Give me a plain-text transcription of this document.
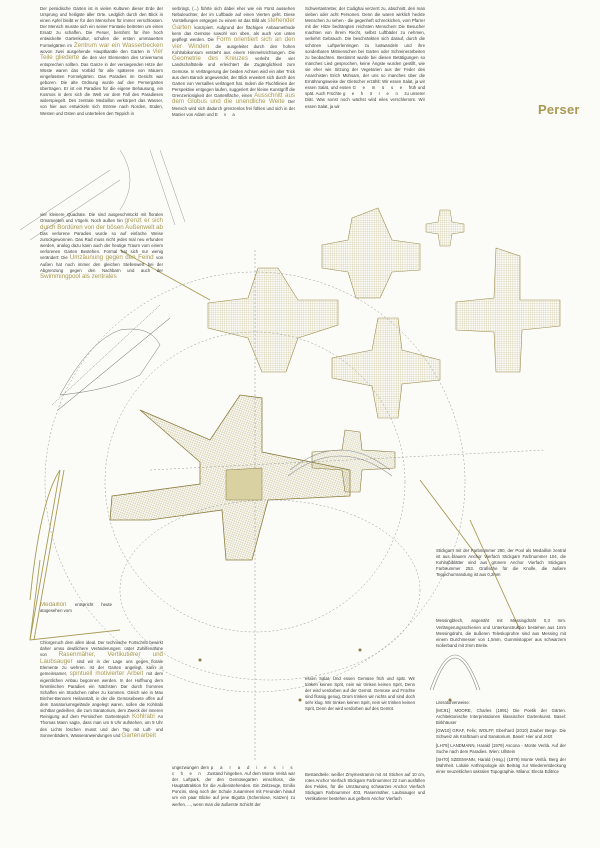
Perser
Der persidische Garten ist in vielen Kulturen dieser Erde der Ursprung und heiligste aller Orte. Ledglich durch den Blick in einen Apfel bleibt er für den Menschen für immer verschlossen. Der Mensch musste sich ein seiner Fantasie beitreten um einen Ersatz zu schaffen. Die Perser, berühmt für ihre hoch entwickelte Gartenkultur, schufen die ersten ummauerten Formelgärten im Zentrum war ein Wasserbecken wovon zwei ausgehende Hauptkanäle den Garten in vier Teile gliederte die den vier Elementen des Universums entsprechen sollten. Das Ganze in der versiegenden Hitze der Wüste waren das Vorbild für alle späteren von Mauern eingefassten Formelgärten. Das Paradies im Gesicht war geboren. Die alte Ordnung wurde auf den Persergarten übertragen. Er ist ein Paradies für die eigene Behausung, ein Kosmos in dem sich die Welt vor dem Fall des Paradieses widerspiegelt. Des zentrale Medaillon verkörpert das Wasser, von hier aus entwickeln sich Ströme nach Norden, Süden, Westen und Osten und unterteilen den Teppich in
verbringt, (...) führte sich dabei eher wie ein Fürst aussehen Nebuleuchter, der im Luftbade auf einen Vierten geht. Diese Vorstellungen entgegen zu einem ist das Bild als stehender Garten konzipiert. Aufgrund der flächigen Anbaumethode kenn das Gemüse sowohl von oben, als auch von unten gepflegt werden. Die Form orientiert sich an den vier Winden die ausgeleitet durch den hohen Kohlrabikonsum entsteht aus einem Himmelsrichtungen. Die Geometrie des Kreuzes verleiht die vier Landschaftsteile und erleichtert die Zugänglichkeit zum Gemüse. In Verlängerung der beiden Achsen wird ein alter Trick aus dem Barock angewendet, der Blick erweitert sich durch den Garten von Versailles verlängert hat. Indem die Fluchtlinien der Perspektive entgegen laufen, suggeriert der kleine Kunstgriff die Grenzenlosigkeit der Gartenfläche, einen Ausschnitt aus dem Globus und die unendliche Weite Der Mensch wird sich dadurch grenzenlos frei fühlen und sich in der Manier von Adam und E v a
Schwertantretter, der Codighai verzerrt zu, abschnitt, den man sieben oder acht Personen. Denn die waren wirklich heckte Menschen zu sehen - die gegenheft schreckichen, vom Pfarrer mit der Hitze bedrängten reichsten Menschen! Die Besucher machten von ihrem Recht, selbst Luftbäder zu nehmen, verkehrt Gebrauch. Die beschränkten sich darauf, durch die schönen Luftperlenringen zu lustwandeln und ihre sonderbaren Mitmenschen bei Garten oder Schreinerarbeiten zu beobachten. Bestimmt wurde bei diesen Betätigungen so manches Lied gesprochen, keine Ängste wurden gestillt, wie sie eher wie Sitzung der Vegetarien aus der Feder des Anarchisten Erich Mühsam, der uns so manches über die Ernährungsweise der Gletscher erzählt: Wir essen Salat, ja wir essen Salat, und essen G e m ü s e früh und spät. Auch Früchte g e h ö r e n zu unserer Diät. Was sonst noch wächst wird eiles verschlemmt. Wir essen Salat, ja wir
vier kleinere Quadrate. Die sind ausgeschmückt mit floralen Ornamenten und Vögeln. Noch außen hin grenzt er sich durch Bordüren von der bösen Außenwelt ab Das verlorene Paradies wurde so auf einfache Weise zurückgewonnen. Das Rad muss nicht jedes mal neu erfunden werden, analog dazu kann auch der heutige Traum vom einem verlorenen Garten Bestehen. Formal hat sich nur wenig verändert: Die Umzäunung gegen den Feind von Außen hat noch immer den gleichen Stellenwert bei der Abgrenzung gegen den Nachbarn und auch der Swimmingpool als zentrales
Medaillon entspricht heute atogesehen vom
Chlorgeruch dem allen ideal. Der technische Fortschritt bewirkt daher umso deutlichere Veränderungen: unter Zuhilfenahme von Rasenmäher, Vertikutierer und Laubsauger sind wir in der Lage uns gegen florale Elemente zu wehren. Ist der Garten angelegt, kann in gemeinsamer, spintuell motivierter Arbeit mit dem eigentlichen Anbau begonnen werden. In der Hoffnung dem himmlischen Paradies ein Nächsten Dar durch frommes Schaffen ein Stückchen näher zu kommen. Gleich wie in Max Bircher-Benners Heilanstalt, in der die Gemüsebeete offen auf dem Sanatoriumsgelände angelegt waren, sollen die Kohlrabi sichtbar gedeihen, die zum Sanatorium, dem Zweck der inneren Reinigung auf dem Persischen Gartentepich Kohlrabi An Thomas Mann sagte, dass man um 6 Uhr aufstehen, um 9 Uhr des Lichts löschen musst und den Tag mit Luft- und Sonnenbädern, Wasseranwendungen und Gartenarbeit
ungezwungen dem p a r a d i e s i s c h e n Zustand hingeben. Auf dem Monte Verità war der Luftpark, der den Gemüsegarten einschloss, die Hauptattraktion für die Außenstehenden. Ein Zeitzeuge, Emilio Poncini, steig noch der Schule zusammen mit Freunden hinauf um ein paar Blicke auf jene Bigotta (Schemlose, Katzen) zu werfen, ..., wenn man die äußerste Schicht der
essen Salat, Und essen Gemüse früh und spät. Wir trinken keinen Sprit, nein wir trinken keinen Sprit, Denn der wird verdorben auf der Gemüt. Gemüse und Früchte sind flüssig genug, Drum trinken wir nichts und sind doch sehr klug. Wir trinken keinen Sprit, nein wir trinken keinen Sprit, Denn der wird verdorben auf des Gemüt.
Bestandteile: weißer Zmymestramin mit 44 Stichen auf 10 cm, rotes Anchor Vierfach Stickgarn Farbnummer 22 zum ausfüllen des Feldes, für die Umzäunung schwarzes Anchor Vierfach Stickgarn Farbnummer 403, Rasenmäher, Laubsauger und Vertikutierer bestehen aus gelbem Anchor Vierfach

Stickgarn mit der Farbnummer 290, der Pool als Medaillon zentral ist aus blauem Anchor Vierfach Stickgarn Farbnummer 104, die Kohlrabiblätter sind aus grünem Anchor Vierfach Stickgarn Farbnummer 253. Grafische für die Knolle, die äußere Teppichumrandung ist aus 0,2mm

Messingblech, angenäht mit Messingdraht 0,3 mm. Verlängerungsschienen und Unterkonstruktion bestehen aus 1mm Messingdraht, die äußeren Teleskoprohre sind aus Messing mit einem Durchmesser von 1,5mm. Gummistopper aus schwarzem Isolierband mit 2mm Breite.

Literaturverweise:

[MC91] MOORE, Charles (1991) Die Poetik der Gärten. Architektonische Interpretationen klassischer Gartenkunst. Basel: Birkhäuser

[GW10] GRAF, Felix; WOLFF, Eberhard (2010) Zauber Berge. Die Schweiz als Kraftraum und Sanatorium. Basel: Hier und Jetzt

[LH79] LANDMANN, Harald (1979) Ascona - Monte Verità. Auf der Suche nach dem Paradies. Wien: Ullstein

[SH70] SZEEMANN, Harald (Hrsg.) (1979) Monte Verità. Berg der Wahrheit. Lokale Anthropologie als Beitrag zur Wiederentdeckung einer neuzeitlichen sakralen Topographie. Milano: Electa Editrice
